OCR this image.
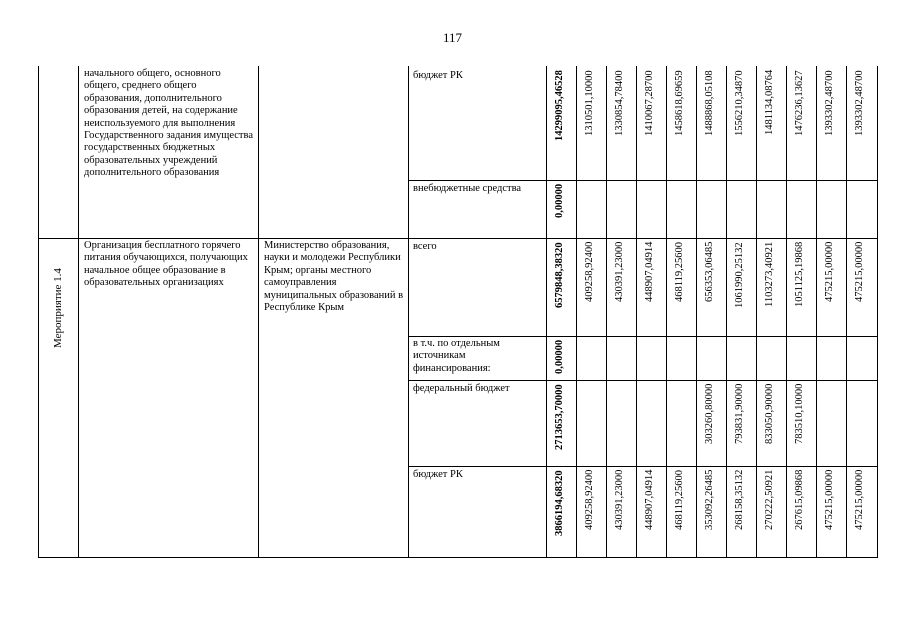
117
начального общего, основного общего, среднего общего образования, дополнительного образования детей, на содержание неиспользуемого для выполнения Государственного задания имущества государственных бюджетных образовательных учреждений дополнительного образования
бюджет РК
внебюджетные средства
Мероприятие 1.4
Организация бесплатного горячего питания обучающихся, получающих начальное общее образование в образовательных организациях
Министерство образования, науки и молодежи Республики Крым; органы местного самоуправления муниципальных образований в Республике Крым
всего
в т.ч. по отдельным источникам финансирования:
федеральный бюджет
бюджет РК
14299095,46528 1310501,10000 1330854,78400 1410067,28700 1458618,69659 1488868,05108 1556210,34870 1481134,08764 1476236,13627 1393302,48700 1393302,48700
0,00000
6579848,38320 409258,92400 430391,23000 448907,04914 468119,25600 656353,06485 1061990,25132 1103273,40921 1051125,19868 475215,00000 475215,00000
0,00000
2713653,70000	303260,80000 793831,90000 833050,90000 783510,10000
3866194,68320 409258,92400 430391,23000 448907,04914 468119,25600 353092,26485 268158,35132 270222,50921 267615,09868 475215,00000 475215,00000
